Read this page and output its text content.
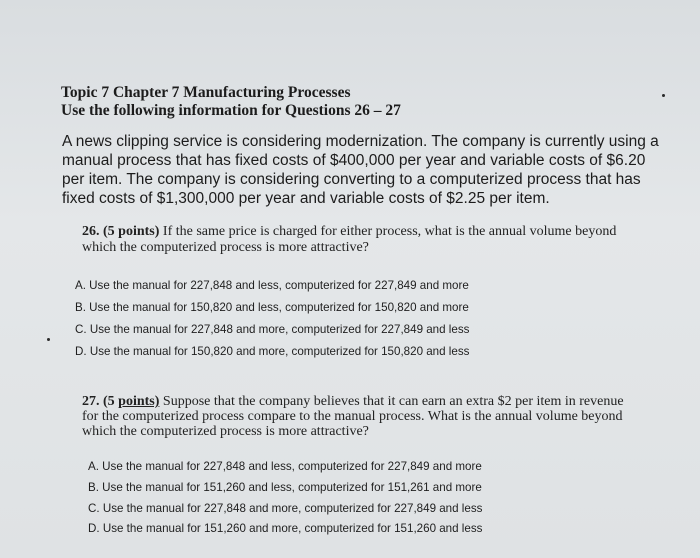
Topic 7 Chapter 7 Manufacturing Processes
Use the following information for Questions 26 – 27
A news clipping service is considering modernization. The company is currently using a
manual process that has fixed costs of $400,000 per year and variable costs of $6.20
per item. The company is considering converting to a computerized process that has
fixed costs of $1,300,000 per year and variable costs of $2.25 per item.
26. (5 points) If the same price is charged for either process, what is the annual volume beyond
which the computerized process is more attractive?
A. Use the manual for 227,848 and less, computerized for 227,849 and more
B. Use the manual for 150,820 and less, computerized for 150,820 and more
C. Use the manual for 227,848 and more, computerized for 227,849 and less
D. Use the manual for 150,820 and more, computerized for 150,820 and less
27. (5 points) Suppose that the company believes that it can earn an extra $2 per item in revenue
for the computerized process compare to the manual process. What is the annual volume beyond
which the computerized process is more attractive?
A. Use the manual for 227,848 and less, computerized for 227,849 and more
B. Use the manual for 151,260 and less, computerized for 151,261 and more
C. Use the manual for 227,848 and more, computerized for 227,849 and less
D. Use the manual for 151,260 and more, computerized for 151,260 and less
